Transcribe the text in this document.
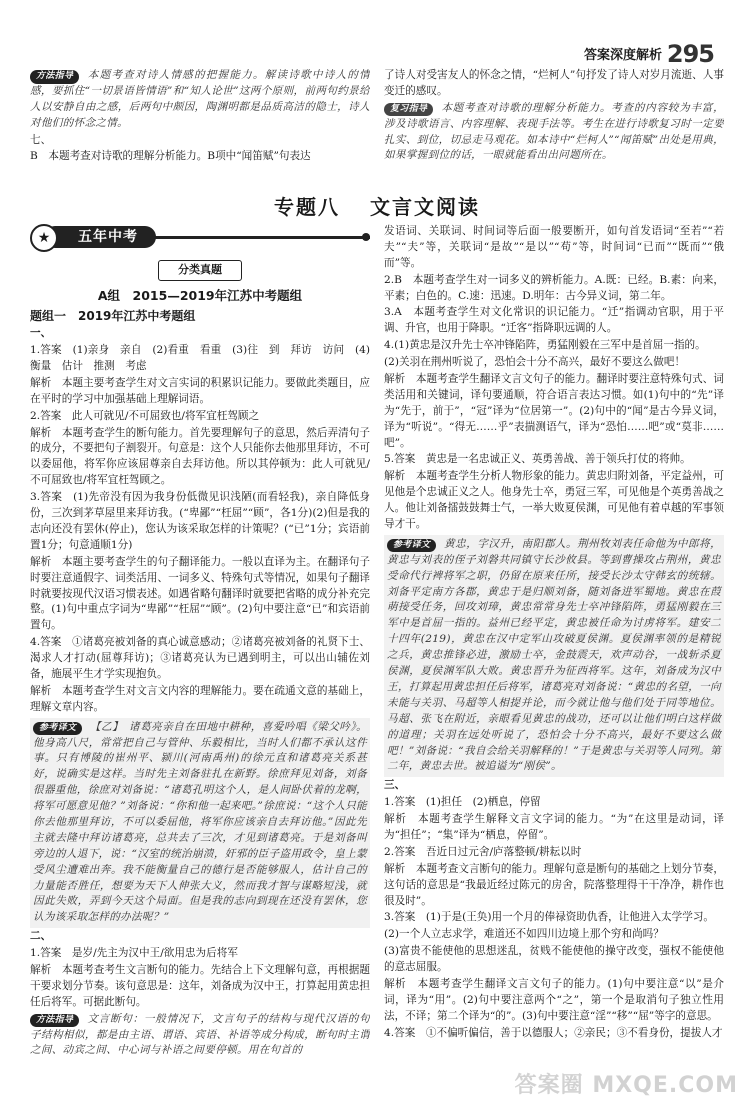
答案深度解析 295

方法指导 本题考查对诗人情感的把握能力。解读诗歌中诗人的情感，要抓住“一切景语皆情语”和“知人论世”这两个原则，前两句约景给人以安静自由之感，后两句中颇因，陶渊明都是品质高洁的隐士，诗人对他们的怀念之情。

七、

B　本题考查对诗歌的理解分析能力。B项中“闻笛赋”句表达

了诗人对受害友人的怀念之情，“烂柯人”句抒发了诗人对岁月流逝、人事变迁的感叹。

复习指导 本题考查对诗歌的理解分析能力。考查的内容较为丰富，涉及诗歌语言、内容理解、表现手法等。考生在进行诗歌复习时一定要扎实、到位，切忌走马观花。如本诗中“烂柯人”“闻笛赋”出处是用典，如果掌握到位的话，一眼就能看出出问题所在。

专题八 文言文阅读
★	五年中考
分类真题
A组　2015—2019年江苏中考题组
题组一　2019年江苏中考题组

一、

1.答案　(1)亲身　亲自　(2)看重　看重　(3)往　到　拜访　访问　(4)衡量　估计　推测　考虑

解析　本题主要考查学生对文言实词的积累识记能力。要做此类题目，应在平时的学习中加强基础上理解词语。

2.答案　此人可就见/不可屈致也/将军宜枉驾顾之

解析　本题考查学生的断句能力。首先要理解句子的意思，然后弄清句子的成分，不要把句子割裂开。句意是：这个人只能你去他那里拜访，不可以委屈他，将军你应该屈尊亲自去拜访他。所以其停顿为：此人可就见/不可屈致也/将军宜枉驾顾之。

3.答案　(1)先帝没有因为我身份低微见识浅陋(而看轻我)，亲自降低身份，三次到茅草屋里来拜访我。(“卑鄙”“枉屈”“顾”，各1分)(2)但是我的志向还没有罢休(停止)，您认为该采取怎样的计策呢？(“已”1分；宾语前置1分；句意通顺1分)

解析　本题主要考查学生的句子翻译能力。一般以直译为主。在翻译句子时要注意通假字、词类活用、一词多义、特殊句式等情况，如果句子翻译时就要按现代汉语习惯表述。如遇省略句翻译时就要把省略的成分补充完整。(1)句中重点字词为“卑鄙”“枉屈”“顾”。(2)句中要注意“已”和宾语前置句。

4.答案　①诸葛亮被刘备的真心诚意感动；②诸葛亮被刘备的礼贤下士、渴求人才打动(屈尊拜访)；③诸葛亮认为已遇到明主，可以出山辅佐刘备，施展平生才学实现抱负。

解析　本题考查学生对文言文内容的理解能力。要在疏通文意的基础上，理解文章内容。

参考译文 【乙】　诸葛亮亲自在田地中耕种，喜爱吟唱《梁父吟》。他身高八尺，常常把自己与管仲、乐毅相比，当时人们都不承认这件事。只有博陵的崔州平、颍川(河南禹州)的徐元直和诸葛亮关系甚好，说确实是这样。当时先主刘备驻扎在新野。徐庶拜见刘备，刘备很器重他，徐庶对刘备说：“诸葛孔明这个人，是人间卧伏着的龙啊，将军可愿意见他？”刘备说：“你和他一起来吧。”徐庶说：“这个人只能你去他那里拜访，不可以委屈他，将军你应该亲自去拜访他。”因此先主就去隆中拜访诸葛亮，总共去了三次，才见到诸葛亮。于是刘备叫旁边的人退下，说：“汉室的统治崩溃，奸邪的臣子盗用政令，皇上蒙受风尘遭难出奔。我不能衡量自己的德行是否能够服人，估计自己的力量能否胜任，想要为天下人伸张大义，然而我才智与谋略短浅，就因此失败，弄到今天这个局面。但是我的志向到现在还没有罢休，您认为该采取怎样的办法呢？”

二、

1.答案　是岁/先主为汉中王/欲用忠为后将军

解析　本题考查考生文言断句的能力。先结合上下文理解句意，再根据题干要求划分节奏。该句意思是：这年，刘备成为汉中王，打算起用黄忠担任后将军。可据此断句。

方法指导 文言断句：一般情况下，文言句子的结构与现代汉语的句子结构相似，都是由主语、谓语、宾语、补语等成分构成，断句时主谓之间、动宾之间、中心词与补语之间要停顿。用在句首的

发语词、关联词、时间词等后面一般要断开，如句首发语词“至若”“若夫”“夫”等，关联词“是故”“是以”“苟”等，时间词“已而”“既而”“俄而”等。

2.B　本题考查学生对一词多义的辨析能力。A.既：已经。B.素：向来，平素；白色的。C.速：迅速。D.明年：古今异义词，第二年。

3.A　本题考查学生对文化常识的识记能力。“迁”指调动官职，用于平调、升官，也用于降职。“迁客”指降职远调的人。

4.(1)黄忠是汉升先士卒冲锋陷阵，勇猛刚毅在三军中是首屈一指的。

(2)关羽在荆州听说了，恐怕会十分不高兴，最好不要这么做吧！

解析　本题考查学生翻译文言文句子的能力。翻译时要注意特殊句式、词类活用和关键词，译句要通顺，符合语言表达习惯。如(1)句中的“先”译为“先于，前于”，“冠”译为“位居第一”。(2)句中的“闻”是古今异义词，译为“听说”。“得无……乎”表揣测语气，译为“恐怕……吧”或“莫非……吧”。

5.答案　黄忠是一名忠诚正义、英勇善战、善于领兵打仗的将帅。

解析　本题考查学生分析人物形象的能力。黄忠归附刘备，平定益州，可见他是个忠诚正义之人。他身先士卒，勇冠三军，可见他是个英勇善战之人。他让刘备擂鼓鼓舞士气，一举大败夏侯渊，可见他有着卓越的军事领导才干。

参考译文 黄忠，字汉升，南阳郡人。荆州牧刘表任命他为中郎将，黄忠与刘表的侄子刘磐共同镇守长沙攸县。等到曹操攻占荆州，黄忠受命代行裨将军之职，仍留在原来任所，接受长沙太守韩玄的统辖。刘备平定南方各郡，黄忠于是归顺刘备，随刘备进军蜀地。黄忠在葭萌接受任务，回攻刘璋，黄忠常常身先士卒冲锋陷阵，勇猛刚毅在三军中是首屈一指的。益州已经平定，黄忠被任命为讨虏将军。建安二十四年(219)，黄忠在汉中定军山攻破夏侯渊。夏侯渊率领的是精锐之兵，黄忠推锋必进，激励士卒，金鼓震天，欢声动谷，一战斩杀夏侯渊，夏侯渊军队大败。黄忠晋升为征西将军。这年，刘备成为汉中王，打算起用黄忠担任后将军，诸葛亮对刘备说：“黄忠的名望，一向未能与关羽、马超等人相提并论，而今就让他与他们处于同等地位。马超、张飞在附近，亲眼看见黄忠的战功，还可以让他们明白这样做的道理；关羽在远处听说了，恐怕会十分不高兴，最好不要这么做吧！”刘备说：“我自会给关羽解释的！”于是黄忠与关羽等人同列。第二年，黄忠去世。被追谥为“刚侯”。

三、

1.答案　(1)担任　(2)栖息，停留

解析　本题考查学生解释文言文字词的能力。“为”在这里是动词，译为“担任”；“集”译为“栖息，停留”。

2.答案　吾近日过元舍/庐落整顿/耕耘以时

解析　本题考查文言断句的能力。理解句意是断句的基础之上划分节奏，这句话的意思是“我最近经过陈元的房舍，院落整理得干干净净，耕作也很及时”。

3.答案　(1)于是(王奂)用一个月的俸禄资助仇香，让他进入太学学习。

(2)一个人立志求学，难道还不如四川边境上那个穷和尚吗？

(3)富贵不能使他的思想迷乱，贫贱不能使他的操守改变，强权不能使他的意志屈服。

解析　本题考查学生翻译文言文句子的能力。(1)句中要注意“以”是介词，译为“用”。(2)句中要注意两个“之”，第一个是取消句子独立性用法，不译；第二个译为“的”。(3)句中要注意“淫”“移”“屈”等字的意思。

4.答案　①不偏听偏信，善于以德服人；②亲民；③不看身份，提拔人才

答案圈 MXQE.COM
